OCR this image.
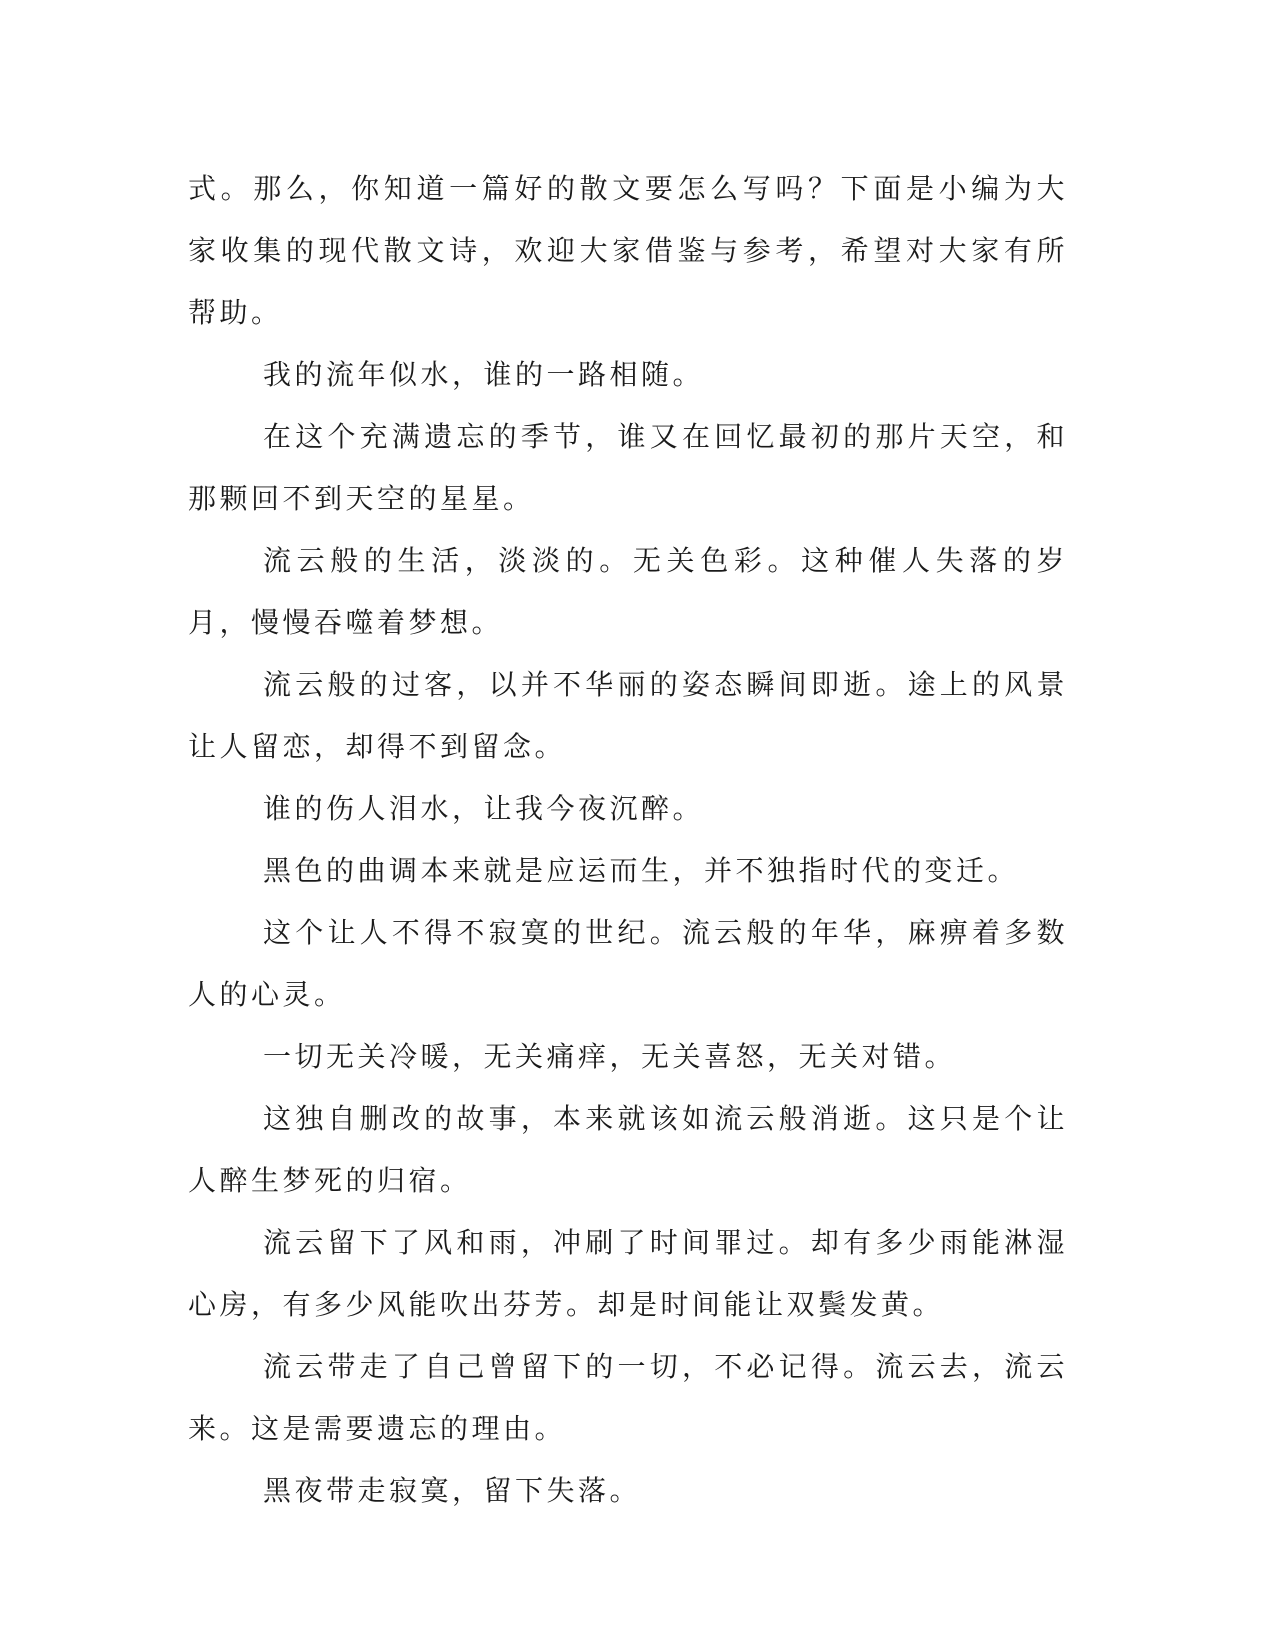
式。那么，你知道一篇好的散文要怎么写吗？下面是小编为大家收集的现代散文诗，欢迎大家借鉴与参考，希望对大家有所帮助。

我的流年似水，谁的一路相随。

在这个充满遗忘的季节，谁又在回忆最初的那片天空，和那颗回不到天空的星星。

流云般的生活，淡淡的。无关色彩。这种催人失落的岁月，慢慢吞噬着梦想。

流云般的过客，以并不华丽的姿态瞬间即逝。途上的风景让人留恋，却得不到留念。

谁的伤人泪水，让我今夜沉醉。

黑色的曲调本来就是应运而生，并不独指时代的变迁。

这个让人不得不寂寞的世纪。流云般的年华，麻痹着多数人的心灵。

一切无关冷暖，无关痛痒，无关喜怒，无关对错。

这独自删改的故事，本来就该如流云般消逝。这只是个让人醉生梦死的归宿。

流云留下了风和雨，冲刷了时间罪过。却有多少雨能淋湿心房，有多少风能吹出芬芳。却是时间能让双鬓发黄。

流云带走了自己曾留下的一切，不必记得。流云去，流云来。这是需要遗忘的理由。

黑夜带走寂寞，留下失落。
